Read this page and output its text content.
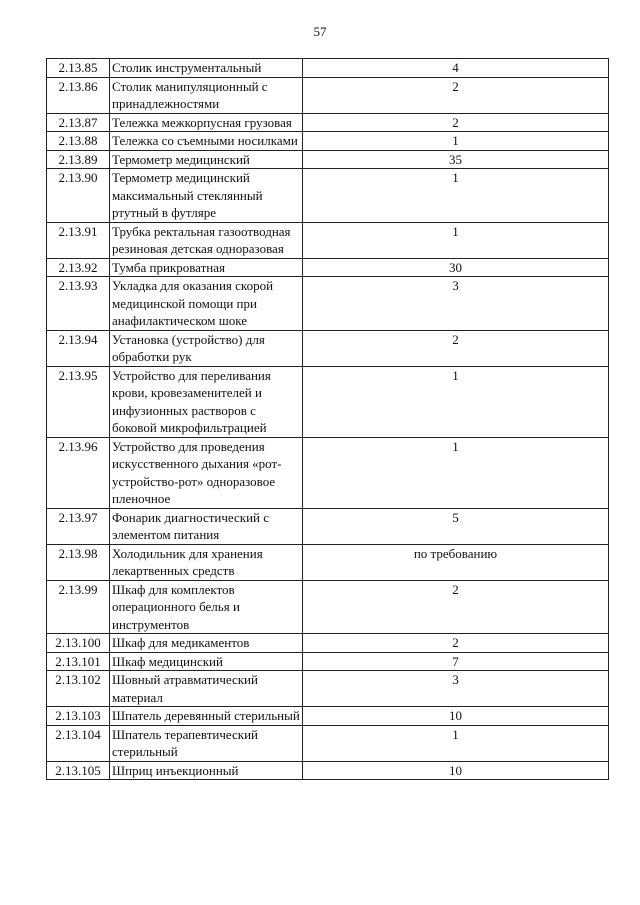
57
2.13.85	Столик инструментальный	4
2.13.86	Столик манипуляционный с принадлежностями	2
2.13.87	Тележка межкорпусная грузовая	2
2.13.88	Тележка со съемными носилками	1
2.13.89	Термометр медицинский	35
2.13.90	Термометр медицинский максимальный стеклянный ртутный в футляре	1
2.13.91	Трубка ректальная газоотводная резиновая детская одноразовая	1
2.13.92	Тумба прикроватная	30
2.13.93	Укладка для оказания скорой медицинской помощи при анафилактическом шоке	3
2.13.94	Установка (устройство) для обработки рук	2
2.13.95	Устройство для переливания крови, кровезаменителей и инфузионных растворов с боковой микрофильтрацией	1
2.13.96	Устройство для проведения искусственного дыхания «рот-устройство-рот» одноразовое пленочное	1
2.13.97	Фонарик диагностический с элементом питания	5
2.13.98	Холодильник для хранения лекартвенных средств	по требованию
2.13.99	Шкаф для комплектов операционного белья и инструментов	2
2.13.100	Шкаф для медикаментов	2
2.13.101	Шкаф медицинский	7
2.13.102	Шовный атравматический материал	3
2.13.103	Шпатель деревянный стерильный	10
2.13.104	Шпатель терапевтический стерильный	1
2.13.105	Шприц инъекционный	10
